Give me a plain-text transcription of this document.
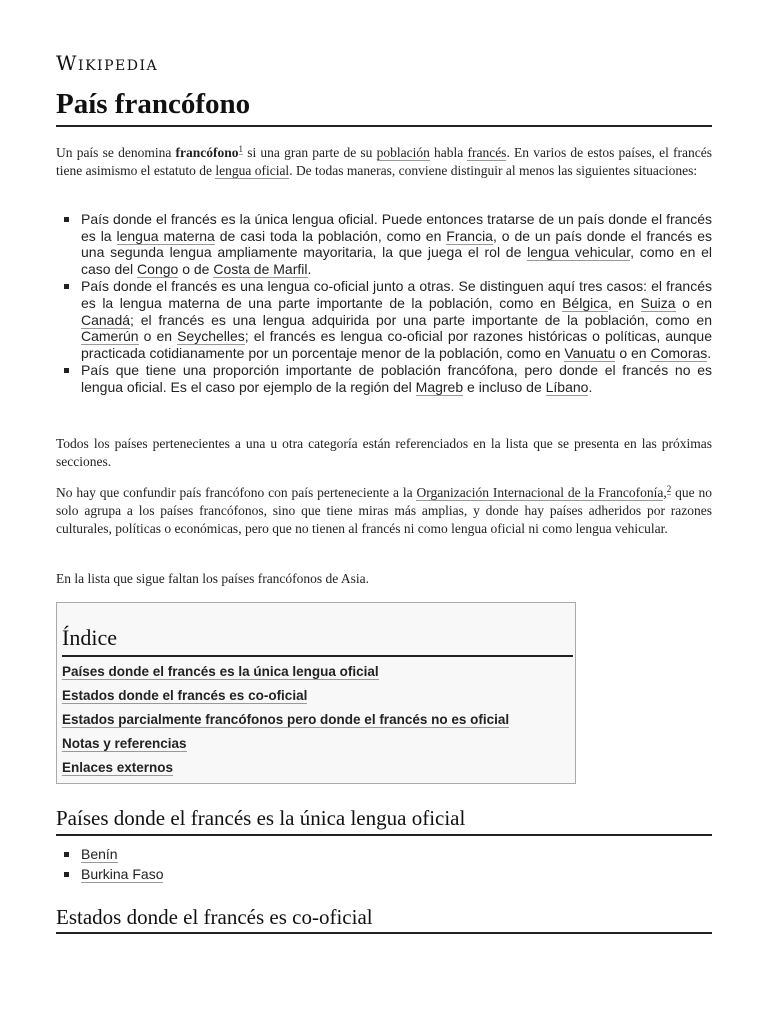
Wikipedia
País francófono

Un país se denomina francófono$^1$ si una gran parte de su población habla francés. En varios de estos países, el francés tiene asimismo el estatuto de lengua oficial. De todas maneras, conviene distinguir al menos las siguientes situaciones:

País donde el francés es la única lengua oficial. Puede entonces tratarse de un país donde el francés es la lengua materna de casi toda la población, como en Francia, o de un país donde el francés es una segunda lengua ampliamente mayoritaria, la que juega el rol de lengua vehicular, como en el caso del Congo o de Costa de Marfil.
País donde el francés es una lengua co-oficial junto a otras. Se distinguen aquí tres casos: el francés es la lengua materna de una parte importante de la población, como en Bélgica, en Suiza o en Canadá; el francés es una lengua adquirida por una parte importante de la población, como en Camerún o en Seychelles; el francés es lengua co-oficial por razones históricas o políticas, aunque practicada cotidianamente por un porcentaje menor de la población, como en Vanuatu o en Comoras.
País que tiene una proporción importante de población francófona, pero donde el francés no es lengua oficial. Es el caso por ejemplo de la región del Magreb e incluso de Líbano.

Todos los países pertenecientes a una u otra categoría están referenciados en la lista que se presenta en las próximas secciones.

No hay que confundir país francófono con país perteneciente a la Organización Internacional de la Francofonía,$^2$ que no solo agrupa a los países francófonos, sino que tiene miras más amplias, y donde hay países adheridos por razones culturales, políticas o económicas, pero que no tienen al francés ni como lengua oficial ni como lengua vehicular.

En la lista que sigue faltan los países francófonos de Asia.

Índice
Países donde el francés es la única lengua oficial
Estados donde el francés es co-oficial
Estados parcialmente francófonos pero donde el francés no es oficial
Notas y referencias
Enlaces externos
Países donde el francés es la única lengua oficial
Benín
Burkina Faso
Estados donde el francés es co-oficial
